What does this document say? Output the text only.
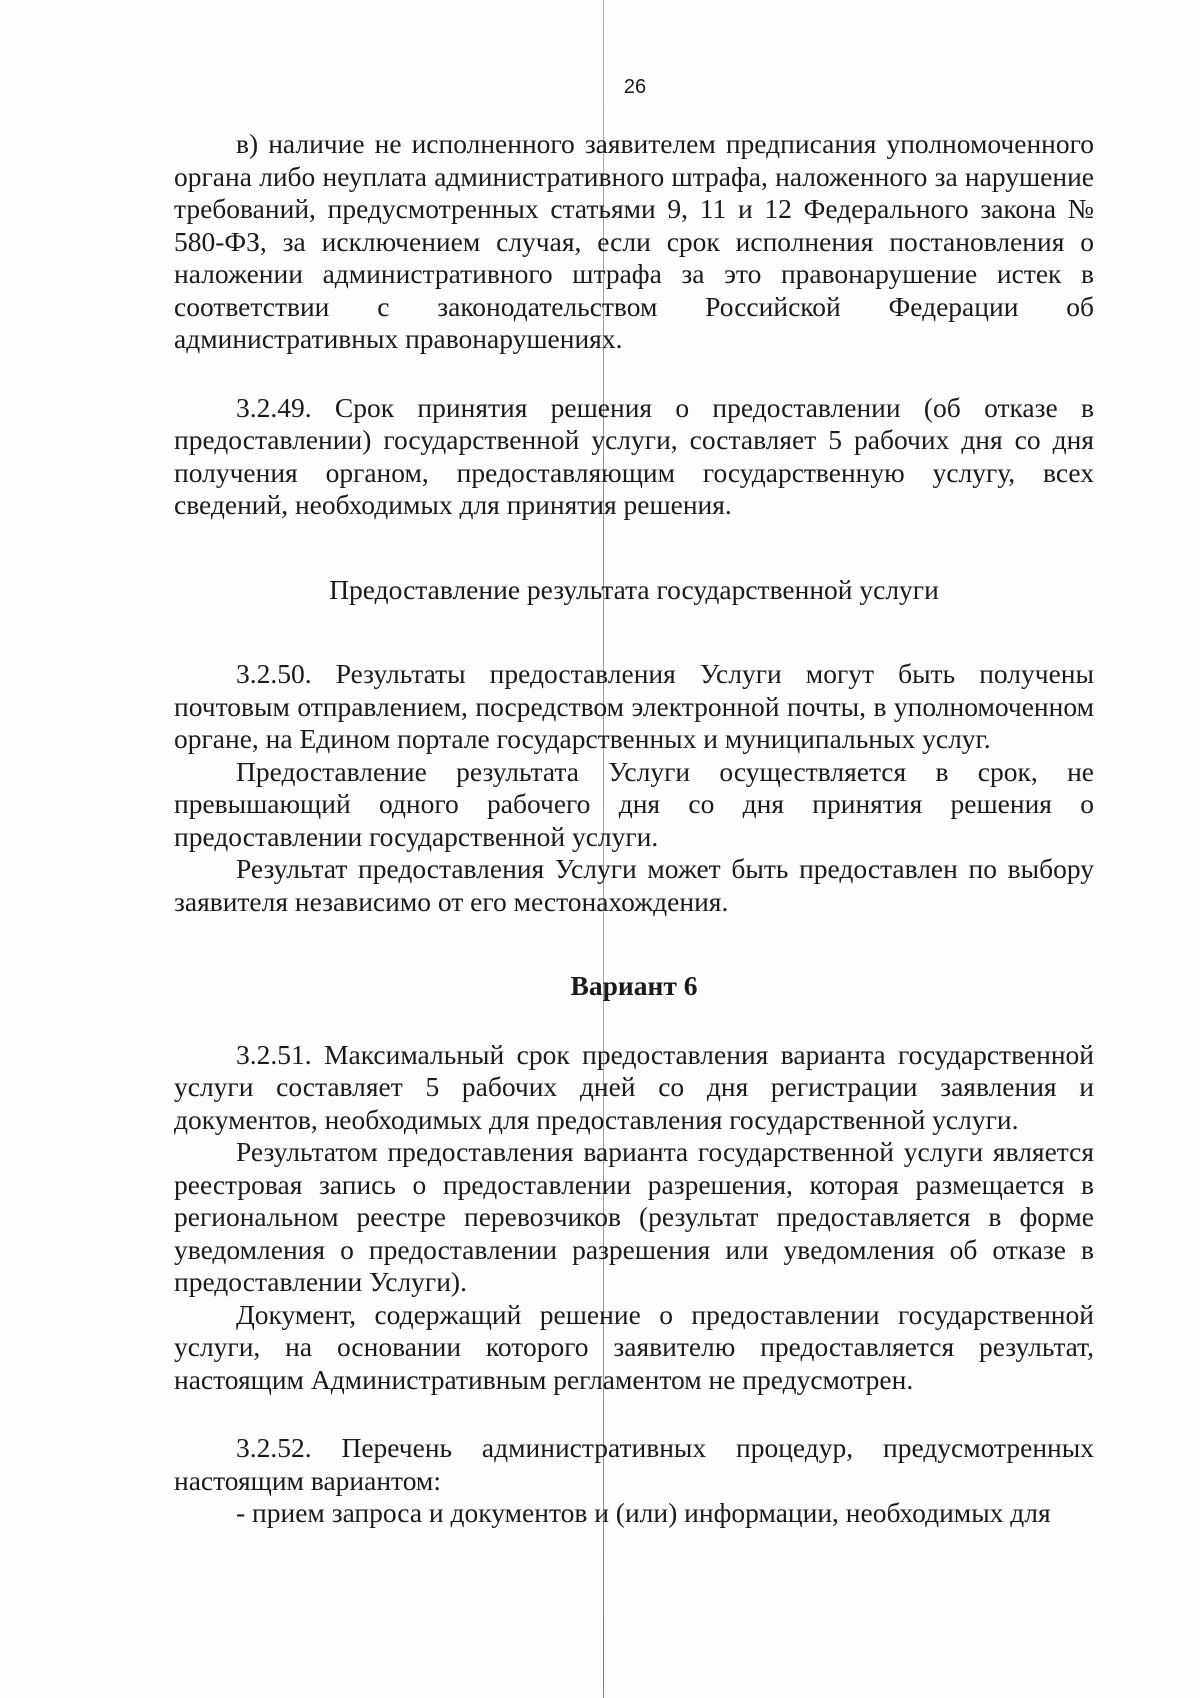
26

в) наличие не исполненного заявителем предписания уполномоченного органа либо неуплата административного штрафа, наложенного за нарушение требований, предусмотренных статьями 9, 11 и 12 Федерального закона № 580-ФЗ, за исключением случая, если срок исполнения постановления о наложении административного штрафа за это правонарушение истек в соответствии с законодательством Российской Федерации об административных правонарушениях.

3.2.49. Срок принятия решения о предоставлении (об отказе в предоставлении) государственной услуги, составляет 5 рабочих дня со дня получения органом, предоставляющим государственную услугу, всех сведений, необходимых для принятия решения.

Предоставление результата государственной услуги

3.2.50. Результаты предоставления Услуги могут быть получены почтовым отправлением, посредством электронной почты, в уполномоченном органе, на Едином портале государственных и муниципальных услуг.

Предоставление результата Услуги осуществляется в срок, не превышающий одного рабочего дня со дня принятия решения о предоставлении государственной услуги.

Результат предоставления Услуги может быть предоставлен по выбору заявителя независимо от его местонахождения.

Вариант 6

3.2.51. Максимальный срок предоставления варианта государственной услуги составляет 5 рабочих дней со дня регистрации заявления и документов, необходимых для предоставления государственной услуги.

Результатом предоставления варианта государственной услуги является реестровая запись о предоставлении разрешения, которая размещается в региональном реестре перевозчиков (результат предоставляется в форме уведомления о предоставлении разрешения или уведомления об отказе в предоставлении Услуги).

Документ, содержащий решение о предоставлении государственной услуги, на основании которого заявителю предоставляется результат, настоящим Административным регламентом не предусмотрен.

3.2.52. Перечень административных процедур, предусмотренных настоящим вариантом:

- прием запроса и документов и (или) информации, необходимых для
